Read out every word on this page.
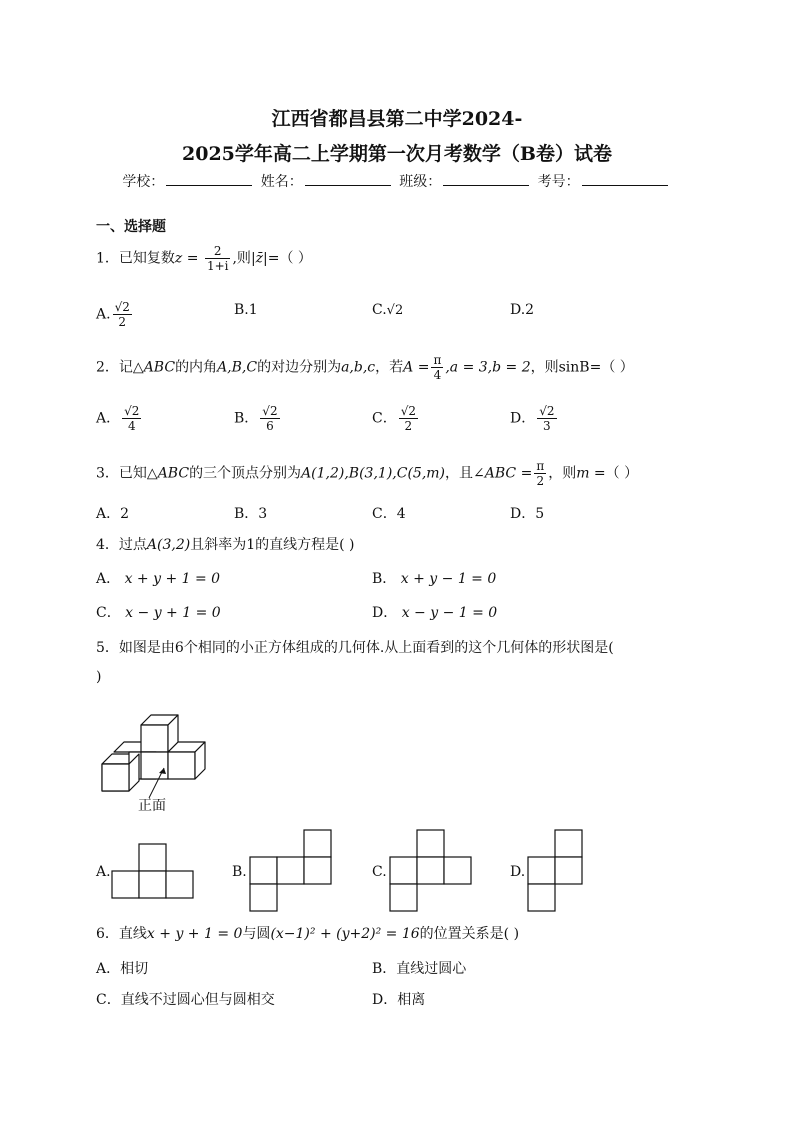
江西省都昌县第二中学2024-
2025学年高二上学期第一次月考数学（B卷）试卷
学校：	姓名：	班级：	考号：
一、选择题
1．已知复数$z = \frac{2}{1+i}$ ,则|z̄|=（ ）
A. $\frac{√2}{2}$	B.1	C.√2	D.2
2．记△ABC的内角A,B,C的对边分别为a,b,c，若$A = \frac{\pi}{4} ,a = 3,b = 2$，则sinB=（ ）
A． $\frac{√2}{4}$	B． $\frac{√2}{6}$	C． $\frac{√2}{2}$	D． $\frac{√2}{3}$
3．已知△ABC的三个顶点分别为A(1,2),B(3,1),C(5,m)，且∠ABC = $\frac{\pi}{2}$ ，则m =（ ）
A．2	B．3	C．4	D．5
4．过点A(3,2)且斜率为1的直线方程是( )
A． x + y + 1 = 0	B． x + y − 1 = 0
C． x − y + 1 = 0	D． x − y − 1 = 0
5．如图是由6个相同的小正方体组成的几何体.从上面看到的这个几何体的形状图是(
)
正面
A.	B.	C.	D.
6．直线x + y + 1 = 0与圆(x−1)² + (y+2)² = 16的位置关系是( )
A．相切	B．直线过圆心
C．直线不过圆心但与圆相交	D．相离
